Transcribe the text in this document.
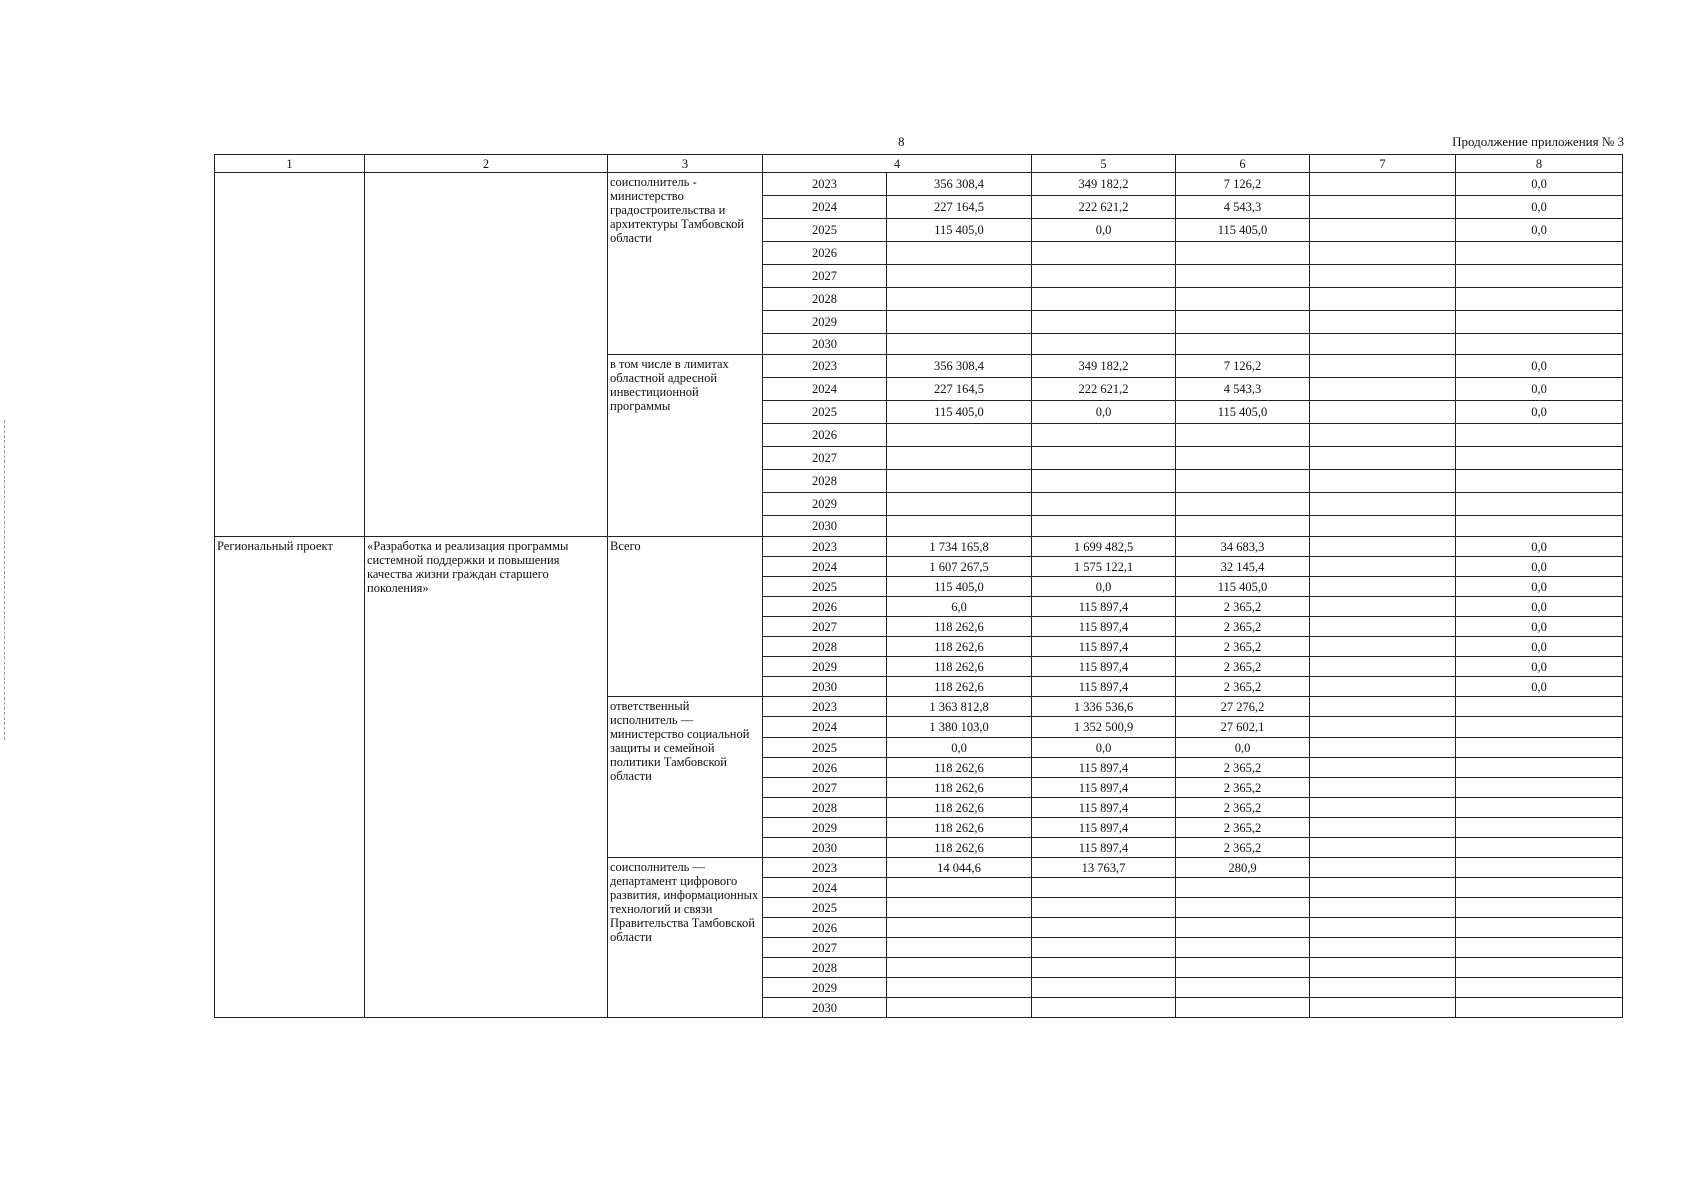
8	Продолжение приложения № 3
1	2	3	4		5	6	7	8
		соисполнитель - министерство градостроительства и архитектуры Тамбовской области	2023	356 308,4	349 182,2	7 126,2		0,0
			2024	227 164,5	222 621,2	4 543,3		0,0
			2025	115 405,0	0,0	115 405,0		0,0
			2026					
			2027					
			2028					
			2029					
			2030					
		в том числе в лимитах областной адресной инвестиционной программы	2023	356 308,4	349 182,2	7 126,2		0,0
			2024	227 164,5	222 621,2	4 543,3		0,0
			2025	115 405,0	0,0	115 405,0		0,0
			2026					
			2027					
			2028					
			2029					
			2030					
Региональный проект	«Разработка и реализация программы системной поддержки и повышения качества жизни граждан старшего поколения»	Всего	2023	1 734 165,8	1 699 482,5	34 683,3		0,0
			2024	1 607 267,5	1 575 122,1	32 145,4		0,0
			2025	115 405,0	0,0	115 405,0		0,0
			2026	6,0	115 897,4	2 365,2		0,0
			2027	118 262,6	115 897,4	2 365,2		0,0
			2028	118 262,6	115 897,4	2 365,2		0,0
			2029	118 262,6	115 897,4	2 365,2		0,0
			2030	118 262,6	115 897,4	2 365,2		0,0
		ответственный исполнитель — министерство социальной защиты и семейной политики Тамбовской области	2023	1 363 812,8	1 336 536,6	27 276,2		
			2024	1 380 103,0	1 352 500,9	27 602,1		
			2025	0,0	0,0	0,0		
			2026	118 262,6	115 897,4	2 365,2		
			2027	118 262,6	115 897,4	2 365,2		
			2028	118 262,6	115 897,4	2 365,2		
			2029	118 262,6	115 897,4	2 365,2		
			2030	118 262,6	115 897,4	2 365,2		
		соисполнитель — департамент цифрового развития, информационных технологий и связи Правительства Тамбовской области	2023	14 044,6	13 763,7	280,9		
			2024					
			2025					
			2026					
			2027					
			2028					
			2029					
			2030					
